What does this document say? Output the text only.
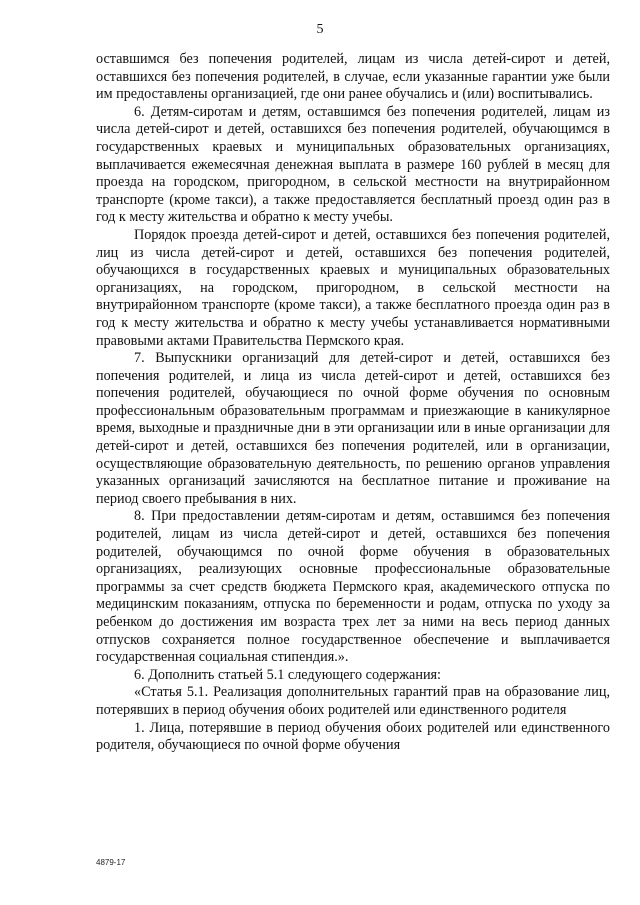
5

оставшимся без попечения родителей, лицам из числа детей-сирот и детей, оставшихся без попечения родителей, в случае, если указанные гарантии уже были им предоставлены организацией, где они ранее обучались и (или) воспитывались.

6. Детям-сиротам и детям, оставшимся без попечения родителей, лицам из числа детей-сирот и детей, оставшихся без попечения родителей, обучающимся в государственных краевых и муниципальных образовательных организациях, выплачивается ежемесячная денежная выплата в размере 160 рублей в месяц для проезда на городском, пригородном, в сельской местности на внутрирайонном транспорте (кроме такси), а также предоставляется бесплатный проезд один раз в год к месту жительства и обратно к месту учебы.

Порядок проезда детей-сирот и детей, оставшихся без попечения родителей, лиц из числа детей-сирот и детей, оставшихся без попечения родителей, обучающихся в государственных краевых и муниципальных образовательных организациях, на городском, пригородном, в сельской местности на внутрирайонном транспорте (кроме такси), а также бесплатного проезда один раз в год к месту жительства и обратно к месту учебы устанавливается нормативными правовыми актами Правительства Пермского края.

7. Выпускники организаций для детей-сирот и детей, оставшихся без попечения родителей, и лица из числа детей-сирот и детей, оставшихся без попечения родителей, обучающиеся по очной форме обучения по основным профессиональным образовательным программам и приезжающие в каникулярное время, выходные и праздничные дни в эти организации или в иные организации для детей-сирот и детей, оставшихся без попечения родителей, или в организации, осуществляющие образовательную деятельность, по решению органов управления указанных организаций зачисляются на бесплатное питание и проживание на период своего пребывания в них.

8. При предоставлении детям-сиротам и детям, оставшимся без попечения родителей, лицам из числа детей-сирот и детей, оставшихся без попечения родителей, обучающимся по очной форме обучения в образовательных организациях, реализующих основные профессиональные образовательные программы за счет средств бюджета Пермского края, академического отпуска по медицинским показаниям, отпуска по беременности и родам, отпуска по уходу за ребенком до достижения им возраста трех лет за ними на весь период данных отпусков сохраняется полное государственное обеспечение и выплачивается государственная социальная стипендия.».

6. Дополнить статьей 5.1 следующего содержания:

«Статья 5.1. Реализация дополнительных гарантий прав на образование лиц, потерявших в период обучения обоих родителей или единственного родителя

1. Лица, потерявшие в период обучения обоих родителей или единственного родителя, обучающиеся по очной форме обучения

4879-17
